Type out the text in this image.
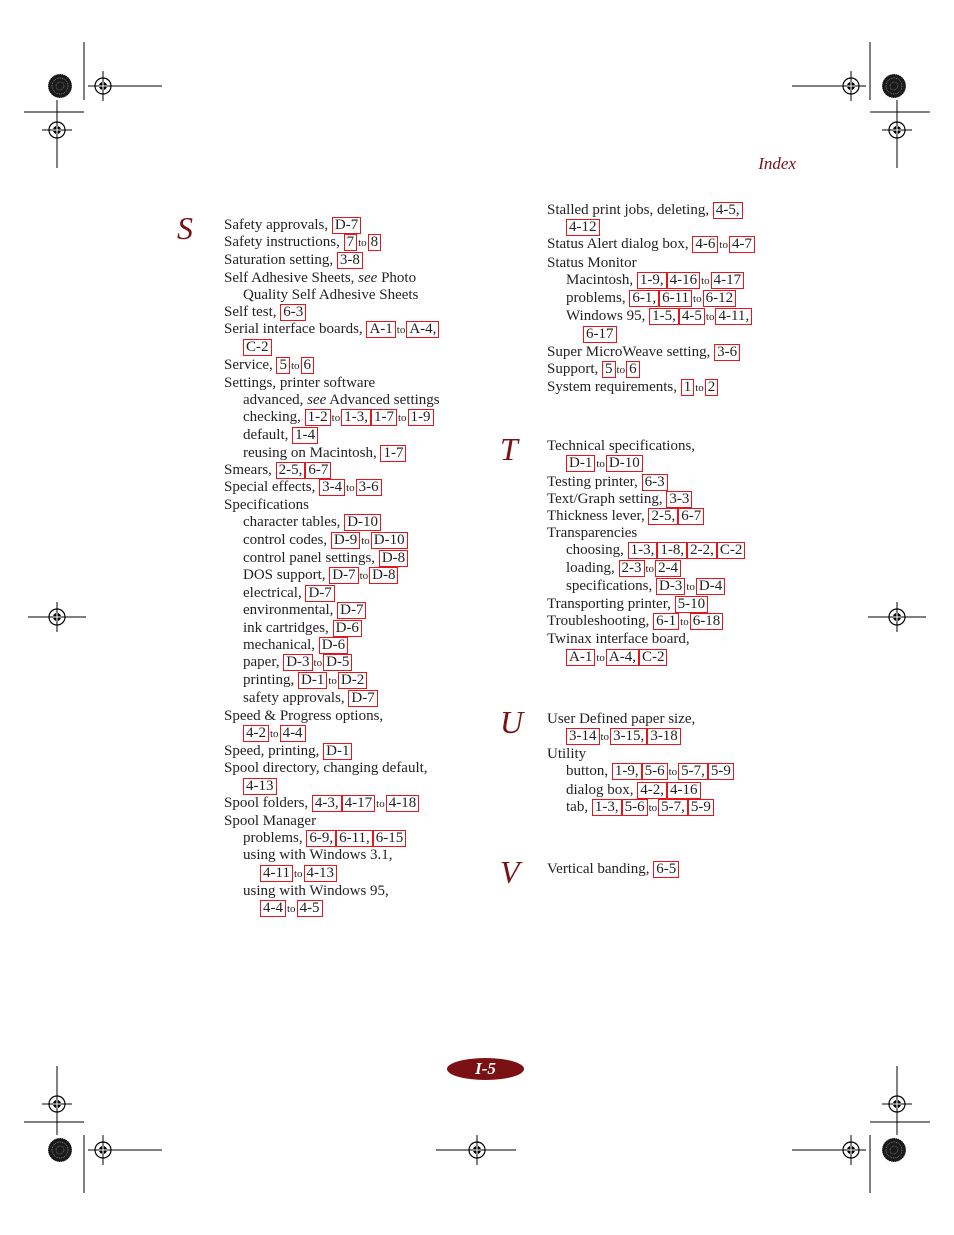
Index
S Safety approvals, D-7
Safety instructions, 7 to 8
Saturation setting, 3-8
Self Adhesive Sheets, see Photo
Quality Self Adhesive Sheets
Self test, 6-3
Serial interface boards, A-1 to A-4,
C-2
Service, 5 to 6
Settings, printer software
advanced, see Advanced settings
checking, 1-2 to 1-3, 1-7 to 1-9
default, 1-4
reusing on Macintosh, 1-7
Smears, 2-5, 6-7
Special effects, 3-4 to 3-6
Specifications
character tables, D-10
control codes, D-9 to D-10
control panel settings, D-8
DOS support, D-7 to D-8
electrical, D-7
environmental, D-7
ink cartridges, D-6
mechanical, D-6
paper, D-3 to D-5
printing, D-1 to D-2
safety approvals, D-7
Speed & Progress options,
4-2 to 4-4
Speed, printing, D-1
Spool directory, changing default,
4-13
Spool folders, 4-3, 4-17 to 4-18
Spool Manager
problems, 6-9, 6-11, 6-15
using with Windows 3.1,
4-11 to 4-13
using with Windows 95,
4-4 to 4-5
Stalled print jobs, deleting, 4-5,
4-12
Status Alert dialog box, 4-6 to 4-7
Status Monitor
Macintosh, 1-9, 4-16 to 4-17
problems, 6-1, 6-11 to 6-12
Windows 95, 1-5, 4-5 to 4-11,
6-17
Super MicroWeave setting, 3-6
Support, 5 to 6
System requirements, 1 to 2
T Technical specifications,
D-1 to D-10
Testing printer, 6-3
Text/Graph setting, 3-3
Thickness lever, 2-5, 6-7
Transparencies
choosing, 1-3, 1-8, 2-2, C-2
loading, 2-3 to 2-4
specifications, D-3 to D-4
Transporting printer, 5-10
Troubleshooting, 6-1 to 6-18
Twinax interface board,
A-1 to A-4, C-2
U User Defined paper size,
3-14 to 3-15, 3-18
Utility
button, 1-9, 5-6 to 5-7, 5-9
dialog box, 4-2, 4-16
tab, 1-3, 5-6 to 5-7, 5-9
V Vertical banding, 6-5
I-5
